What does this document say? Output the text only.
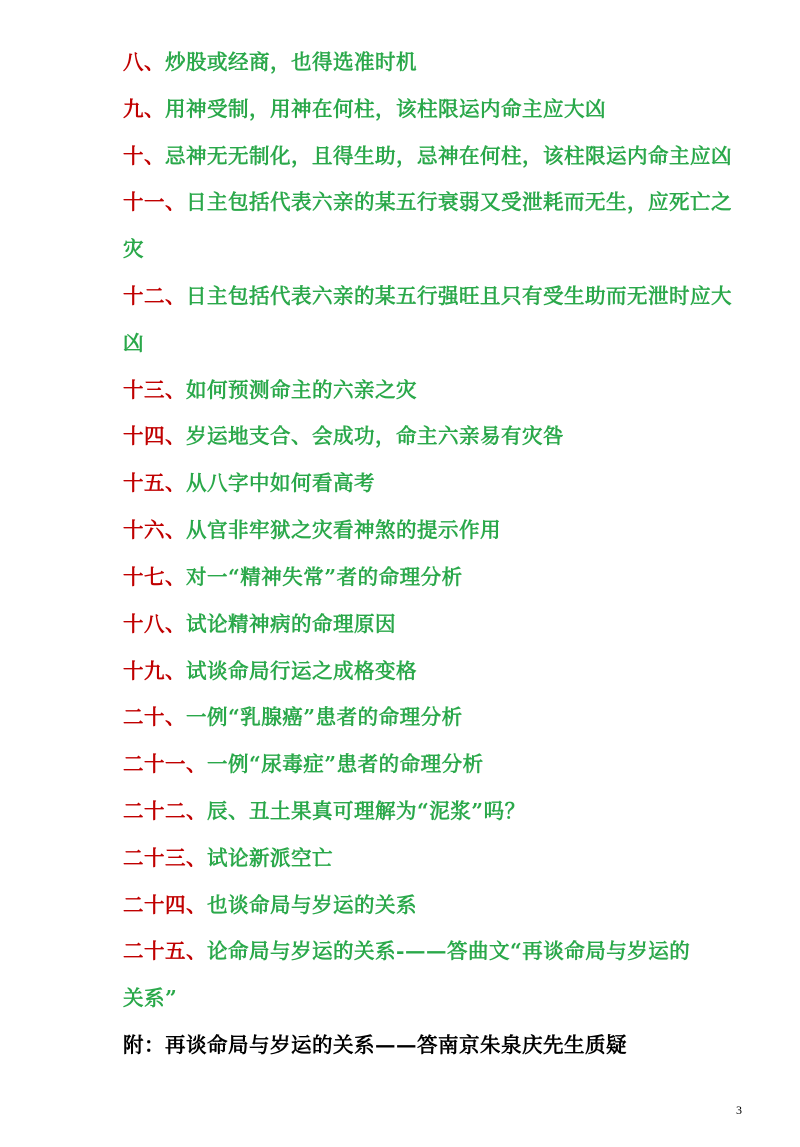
八、炒股或经商，也得选准时机
九、用神受制，用神在何柱，该柱限运内命主应大凶
十、忌神无无制化，且得生助，忌神在何柱，该柱限运内命主应凶
十一、日主包括代表六亲的某五行衰弱又受泄耗而无生，应死亡之
灾
十二、日主包括代表六亲的某五行强旺且只有受生助而无泄时应大
凶
十三、如何预测命主的六亲之灾
十四、岁运地支合、会成功，命主六亲易有灾咎
十五、从八字中如何看高考
十六、从官非牢狱之灾看神煞的提示作用
十七、对一“精神失常”者的命理分析
十八、试论精神病的命理原因
十九、试谈命局行运之成格变格
二十、一例“乳腺癌”患者的命理分析
二十一、一例“尿毒症”患者的命理分析
二十二、辰、丑土果真可理解为“泥浆”吗？
二十三、试论新派空亡
二十四、也谈命局与岁运的关系
二十五、论命局与岁运的关系-——答曲文“再谈命局与岁运的
关系”
附：再谈命局与岁运的关系——答南京朱泉庆先生质疑
3
